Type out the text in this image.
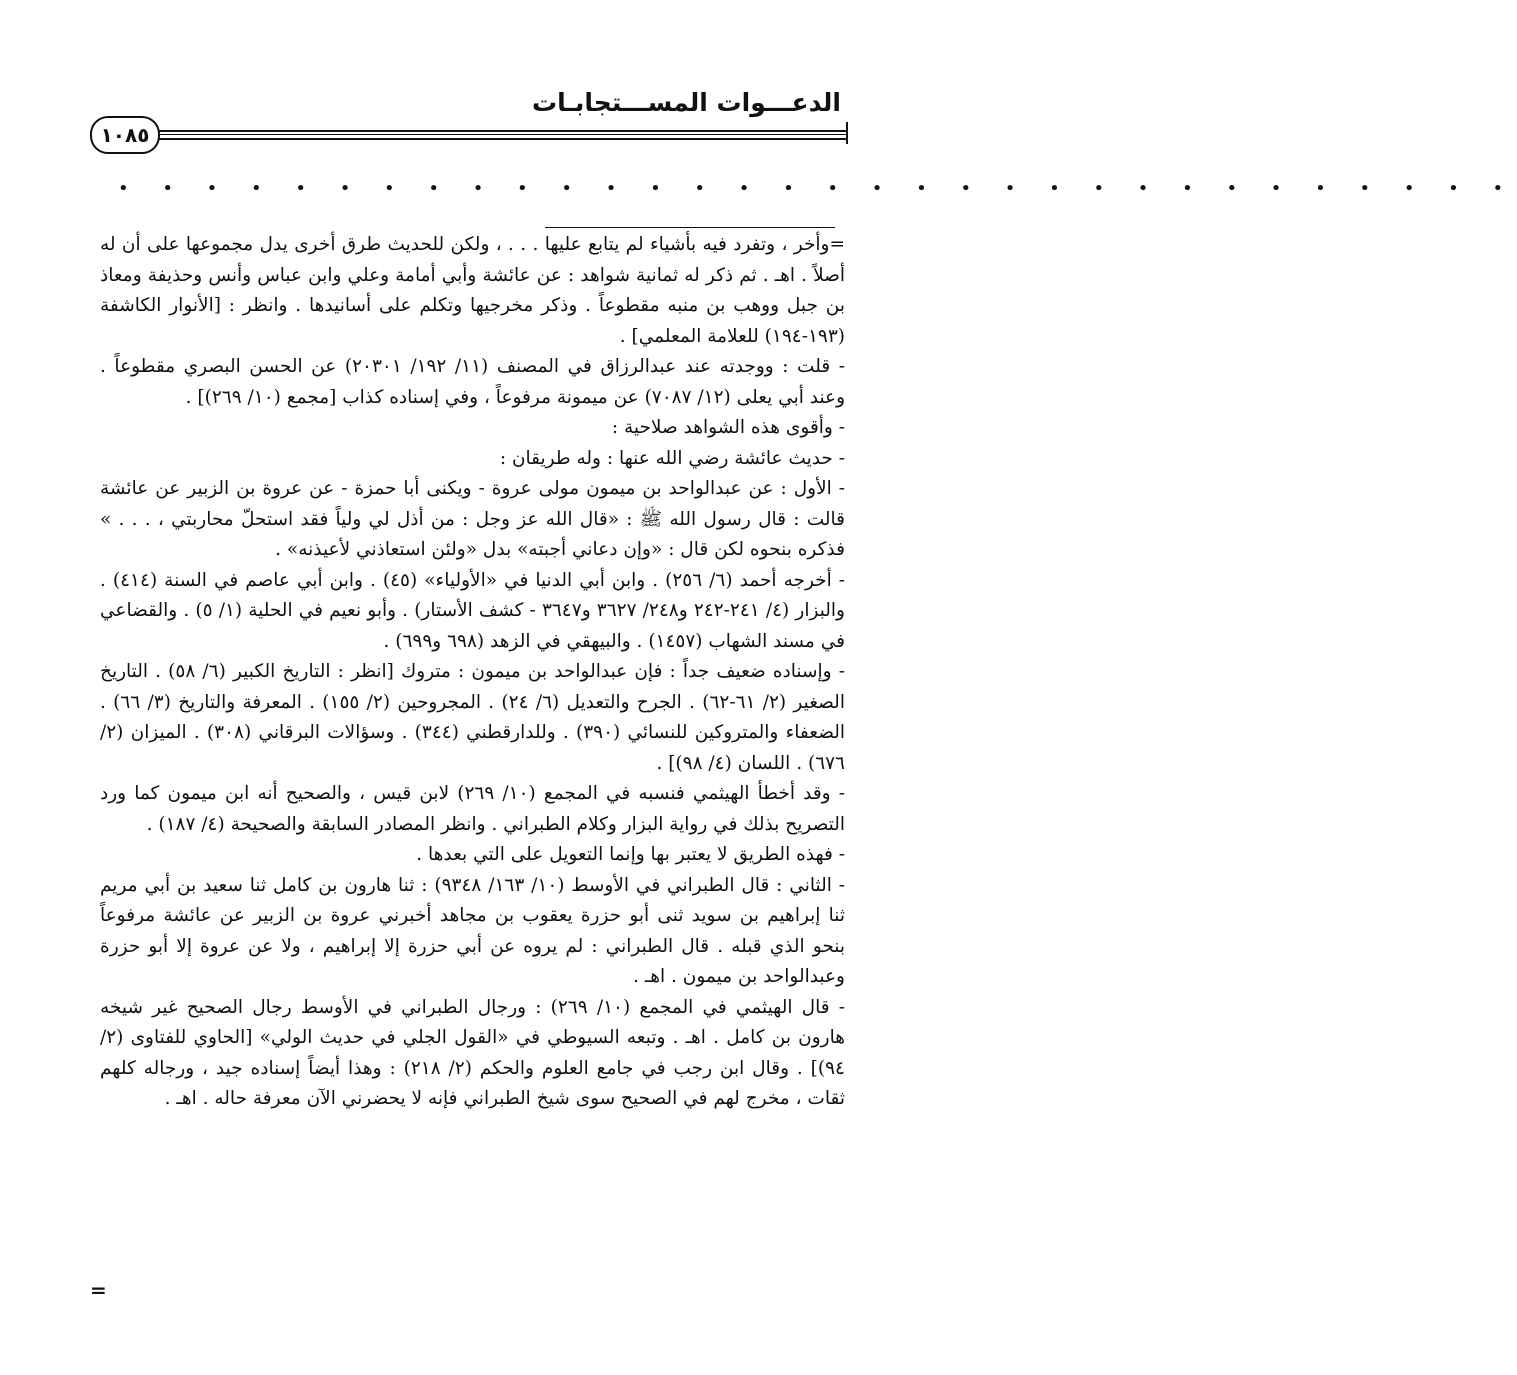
الدعـــوات المســـتجابـات
١٠٨٥
• • • • • • • • • • • • • • • • • • • • • • • • • • • • • • • •

=وأخر ، وتفرد فيه بأشياء لم يتابع عليها . . . ، ولكن للحديث طرق أخرى يدل مجموعها على أن له أصلاً . اهـ . ثم ذكر له ثمانية شواهد : عن عائشة وأبي أمامة وعلي وابن عباس وأنس وحذيفة ومعاذ بن جبل ووهب بن منبه مقطوعاً . وذكر مخرجيها وتكلم على أسانيدها . وانظر : [الأنوار الكاشفة (١٩٣-١٩٤) للعلامة المعلمي] .

- قلت : ووجدته عند عبدالرزاق في المصنف (١١/ ١٩٢/ ٢٠٣٠١) عن الحسن البصري مقطوعاً . وعند أبي يعلى (١٢/ ٧٠٨٧) عن ميمونة مرفوعاً ، وفي إسناده كذاب [مجمع (١٠/ ٢٦٩)] .

- وأقوى هذه الشواهد صلاحية :

- حديث عائشة رضي الله عنها : وله طريقان :

- الأول : عن عبدالواحد بن ميمون مولى عروة - ويكنى أبا حمزة - عن عروة بن الزبير عن عائشة قالت : قال رسول الله ﷺ : «قال الله عز وجل : من أذل لي ولياً فقد استحلّ محاربتي ، . . . » فذكره بنحوه لكن قال : «وإن دعاني أجبته» بدل «ولئن استعاذني لأعيذنه» .

- أخرجه أحمد (٦/ ٢٥٦) . وابن أبي الدنيا في «الأولياء» (٤٥) . وابن أبي عاصم في السنة (٤١٤) . والبزار (٤/ ٢٤١-٢٤٢ و٢٤٨/ ٣٦٢٧ و٣٦٤٧ - كشف الأستار) . وأبو نعيم في الحلية (١/ ٥) . والقضاعي في مسند الشهاب (١٤٥٧) . والبيهقي في الزهد (٦٩٨ و٦٩٩) .

- وإسناده ضعيف جداً : فإن عبدالواحد بن ميمون : متروك [انظر : التاريخ الكبير (٦/ ٥٨) . التاريخ الصغير (٢/ ٦١-٦٢) . الجرح والتعديل (٦/ ٢٤) . المجروحين (٢/ ١٥٥) . المعرفة والتاريخ (٣/ ٦٦) . الضعفاء والمتروكين للنسائي (٣٩٠) . وللدارقطني (٣٤٤) . وسؤالات البرقاني (٣٠٨) . الميزان (٢/ ٦٧٦) . اللسان (٤/ ٩٨)] .

- وقد أخطأ الهيثمي فنسبه في المجمع (١٠/ ٢٦٩) لابن قيس ، والصحيح أنه ابن ميمون كما ورد التصريح بذلك في رواية البزار وكلام الطبراني . وانظر المصادر السابقة والصحيحة (٤/ ١٨٧) .

- فهذه الطريق لا يعتبر بها وإنما التعويل على التي بعدها .

- الثاني : قال الطبراني في الأوسط (١٠/ ١٦٣/ ٩٣٤٨) : ثنا هارون بن كامل ثنا سعيد بن أبي مريم ثنا إبراهيم بن سويد ثنى أبو حزرة يعقوب بن مجاهد أخبرني عروة بن الزبير عن عائشة مرفوعاً بنحو الذي قبله . قال الطبراني : لم يروه عن أبي حزرة إلا إبراهيم ، ولا عن عروة إلا أبو حزرة وعبدالواحد بن ميمون . اهـ .

- قال الهيثمي في المجمع (١٠/ ٢٦٩) : ورجال الطبراني في الأوسط رجال الصحيح غير شيخه هارون بن كامل . اهـ . وتبعه السيوطي في «القول الجلي في حديث الولي» [الحاوي للفتاوى (٢/ ٩٤)] . وقال ابن رجب في جامع العلوم والحكم (٢/ ٢١٨) : وهذا أيضاً إسناده جيد ، ورجاله كلهم ثقات ، مخرج لهم في الصحيح سوى شيخ الطبراني فإنه لا يحضرني الآن معرفة حاله . اهـ .

=
